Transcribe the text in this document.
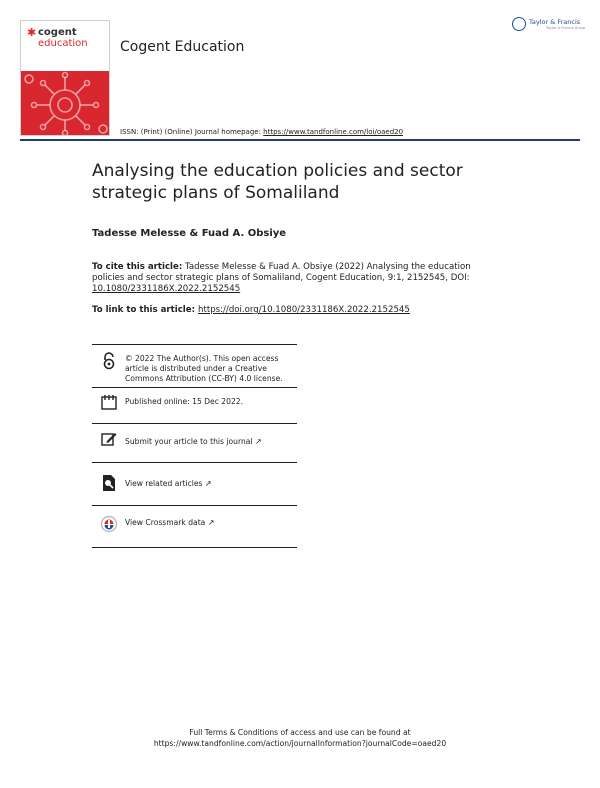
✱ cogent
education Cogent Education
Taylor & Francis
Taylor & Francis Group
ISSN: (Print) (Online) Journal homepage: https://www.tandfonline.com/loi/oaed20
Analysing the education policies and sector strategic plans of Somaliland
Tadesse Melesse & Fuad A. Obsiye
To cite this article: Tadesse Melesse & Fuad A. Obsiye (2022) Analysing the education policies and sector strategic plans of Somaliland, Cogent Education, 9:1, 2152545, DOI: 10.1080/2331186X.2022.2152545
To link to this article: https://doi.org/10.1080/2331186X.2022.2152545
© 2022 The Author(s). This open access article is distributed under a Creative Commons Attribution (CC-BY) 4.0 license.
Published online: 15 Dec 2022.
Submit your article to this journal ↗
View related articles ↗
View Crossmark data ↗
Full Terms & Conditions of access and use can be found at
https://www.tandfonline.com/action/journalInformation?journalCode=oaed20
